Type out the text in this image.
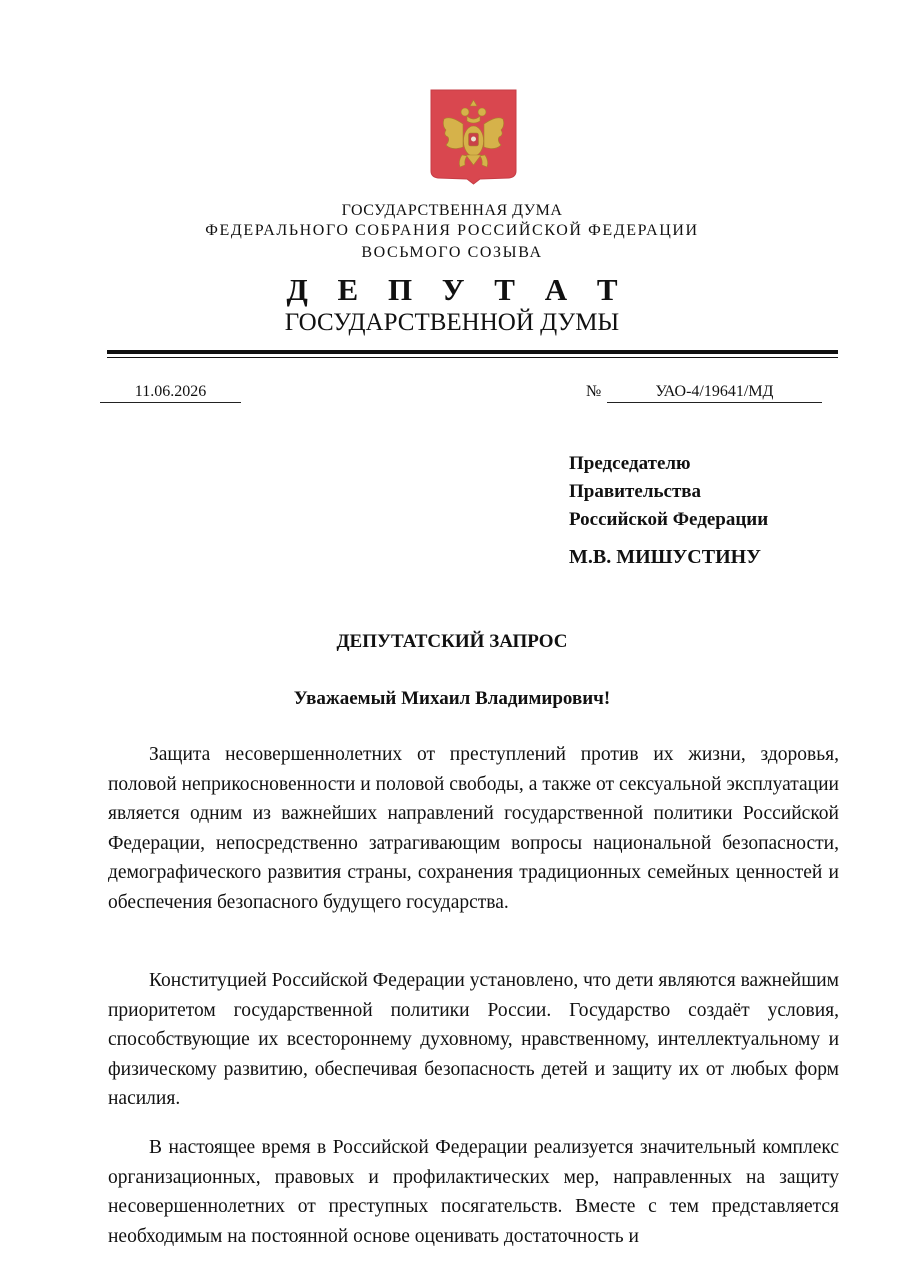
ГОСУДАРСТВЕННАЯ ДУМА
ФЕДЕРАЛЬНОГО СОБРАНИЯ РОССИЙСКОЙ ФЕДЕРАЦИИ
ВОСЬМОГО СОЗЫВА
Д Е П У Т А Т
ГОСУДАРСТВЕННОЙ ДУМЫ
11.06.2026	№	УАО-4/19641/МД
Председателю
Правительства
Российской Федерации
М.В. МИШУСТИНУ
ДЕПУТАТСКИЙ ЗАПРОС
Уважаемый Михаил Владимирович!

Защита несовершеннолетних от преступлений против их жизни, здоровья, половой неприкосновенности и половой свободы, а также от сексуальной эксплуатации является одним из важнейших направлений государственной политики Российской Федерации, непосредственно затрагивающим вопросы национальной безопасности, демографического развития страны, сохранения традиционных семейных ценностей и обеспечения безопасного будущего государства.

Конституцией Российской Федерации установлено, что дети являются важнейшим приоритетом государственной политики России. Государство создаёт условия, способствующие их всестороннему духовному, нравственному, интеллектуальному и физическому развитию, обеспечивая безопасность детей и защиту их от любых форм насилия.

В настоящее время в Российской Федерации реализуется значительный комплекс организационных, правовых и профилактических мер, направленных на защиту несовершеннолетних от преступных посягательств. Вместе с тем представляется необходимым на постоянной основе оценивать достаточность и
